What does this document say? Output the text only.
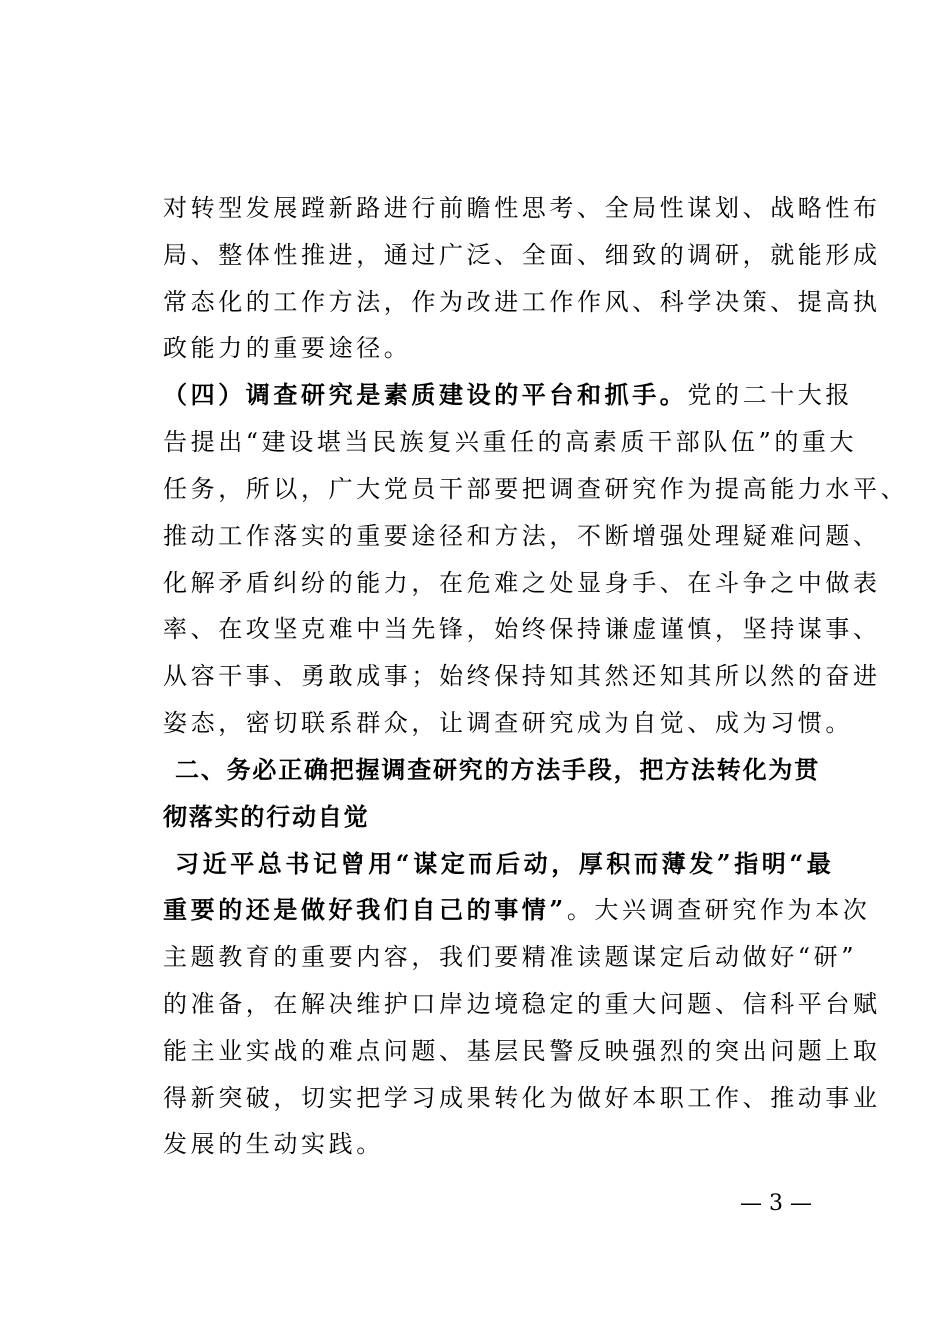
对转型发展蹚新路进行前瞻性思考、全局性谋划、战略性布
局、整体性推进，通过广泛、全面、细致的调研，就能形成
常态化的工作方法，作为改进工作作风、科学决策、提高执
政能力的重要途径。
（四）调查研究是素质建设的平台和抓手。党的二十大报
告提出“建设堪当民族复兴重任的高素质干部队伍”的重大
任务，所以，广大党员干部要把调查研究作为提高能力水平、
推动工作落实的重要途径和方法，不断增强处理疑难问题、
化解矛盾纠纷的能力，在危难之处显身手、在斗争之中做表
率、在攻坚克难中当先锋，始终保持谦虚谨慎，坚持谋事、
从容干事、勇敢成事；始终保持知其然还知其所以然的奋进
姿态，密切联系群众，让调查研究成为自觉、成为习惯。
二、务必正确把握调查研究的方法手段，把方法转化为贯
彻落实的行动自觉
习近平总书记曾用“谋定而后动，厚积而薄发”指明“最
重要的还是做好我们自己的事情”。大兴调查研究作为本次
主题教育的重要内容，我们要精准读题谋定后动做好“研”
的准备，在解决维护口岸边境稳定的重大问题、信科平台赋
能主业实战的难点问题、基层民警反映强烈的突出问题上取
得新突破，切实把学习成果转化为做好本职工作、推动事业
发展的生动实践。
— 3 —
